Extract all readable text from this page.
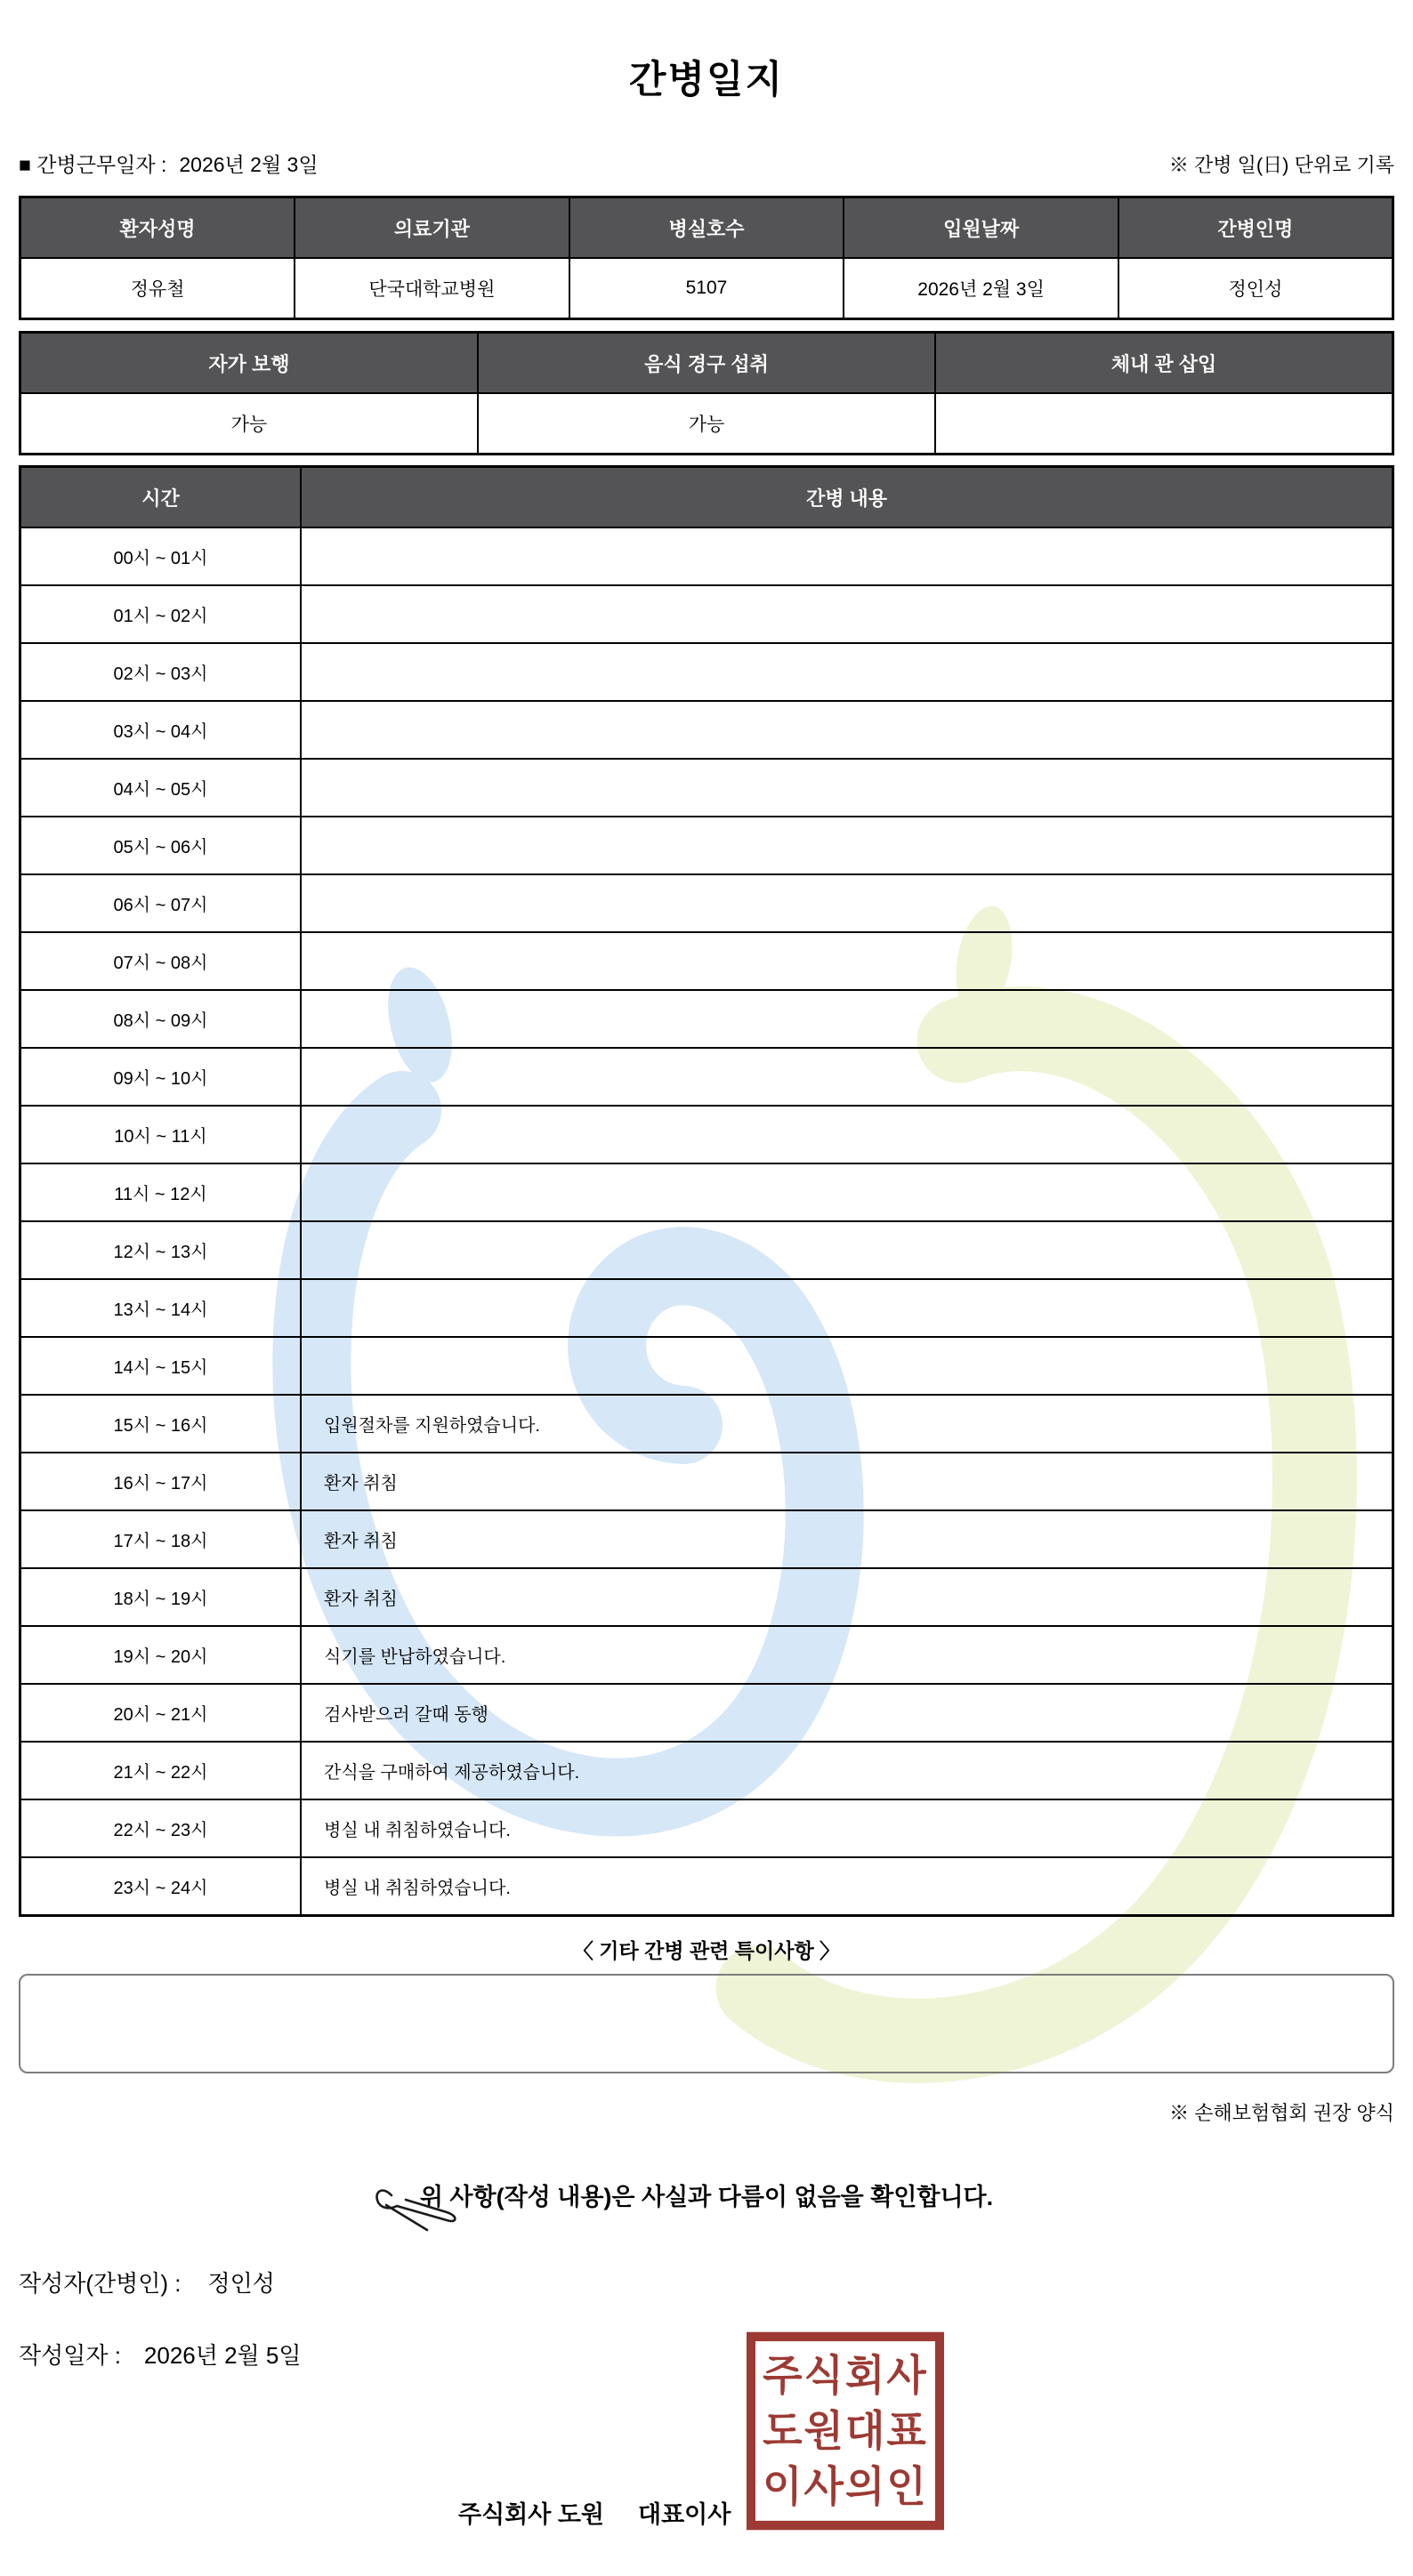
간병일지
■ 간병근무일자 : 2026년 2월 3일	※ 간병 일(日) 단위로 기록
환자성명	의료기관	병실호수	입원날짜	간병인명
정유철	단국대학교병원	5107	2026년 2월 3일	정인성
자가 보행	음식 경구 섭취	체내 관 삽입
가능	가능	
시간	간병 내용
00시 ~ 01시	
01시 ~ 02시	
02시 ~ 03시	
03시 ~ 04시	
04시 ~ 05시	
05시 ~ 06시	
06시 ~ 07시	
07시 ~ 08시	
08시 ~ 09시	
09시 ~ 10시	
10시 ~ 11시	
11시 ~ 12시	
12시 ~ 13시	
13시 ~ 14시	
14시 ~ 15시	
15시 ~ 16시	입원절차를 지원하였습니다.
16시 ~ 17시	환자 취침
17시 ~ 18시	환자 취침
18시 ~ 19시	환자 취침
19시 ~ 20시	식기를 반납하였습니다.
20시 ~ 21시	검사받으러 갈때 동행
21시 ~ 22시	간식을 구매하여 제공하였습니다.
22시 ~ 23시	병실 내 취침하였습니다.
23시 ~ 24시	병실 내 취침하였습니다.
〈 기타 간병 관련 특이사항 〉
※ 손해보험협회 권장 양식
위 사항(작성 내용)은 사실과 다름이 없음을 확인합니다.
작성자(간병인) : 정인성
작성일자 : 2026년 2월 5일
주식회사 도원 대표이사
주식회사
도원대표
이사의인
